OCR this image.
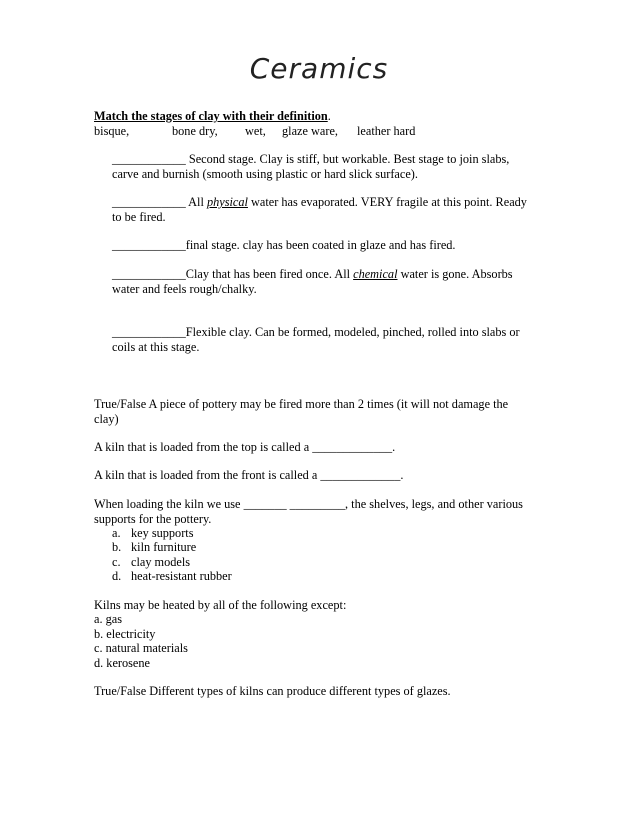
Ceramics
Match the stages of clay with their definition.
bisque,	bone dry, wet, glaze ware, leather hard
____________ Second stage. Clay is stiff, but workable. Best stage to join slabs,
carve and burnish (smooth using plastic or hard slick surface).
____________ All physical water has evaporated. VERY fragile at this point. Ready
to be fired.
____________final stage. clay has been coated in glaze and has fired.
____________Clay that has been fired once. All chemical water is gone. Absorbs
water and feels rough/chalky.
____________Flexible clay. Can be formed, modeled, pinched, rolled into slabs or
coils at this stage.
True/False A piece of pottery may be fired more than 2 times (it will not damage the
clay)
A kiln that is loaded from the top is called a _____________.
A kiln that is loaded from the front is called a _____________.
When loading the kiln we use _______ _________, the shelves, legs, and other various
supports for the pottery.
a. key supports
b. kiln furniture
c. clay models
d. heat-resistant rubber
Kilns may be heated by all of the following except:
a. gas
b. electricity
c. natural materials
d. kerosene
True/False Different types of kilns can produce different types of glazes.
